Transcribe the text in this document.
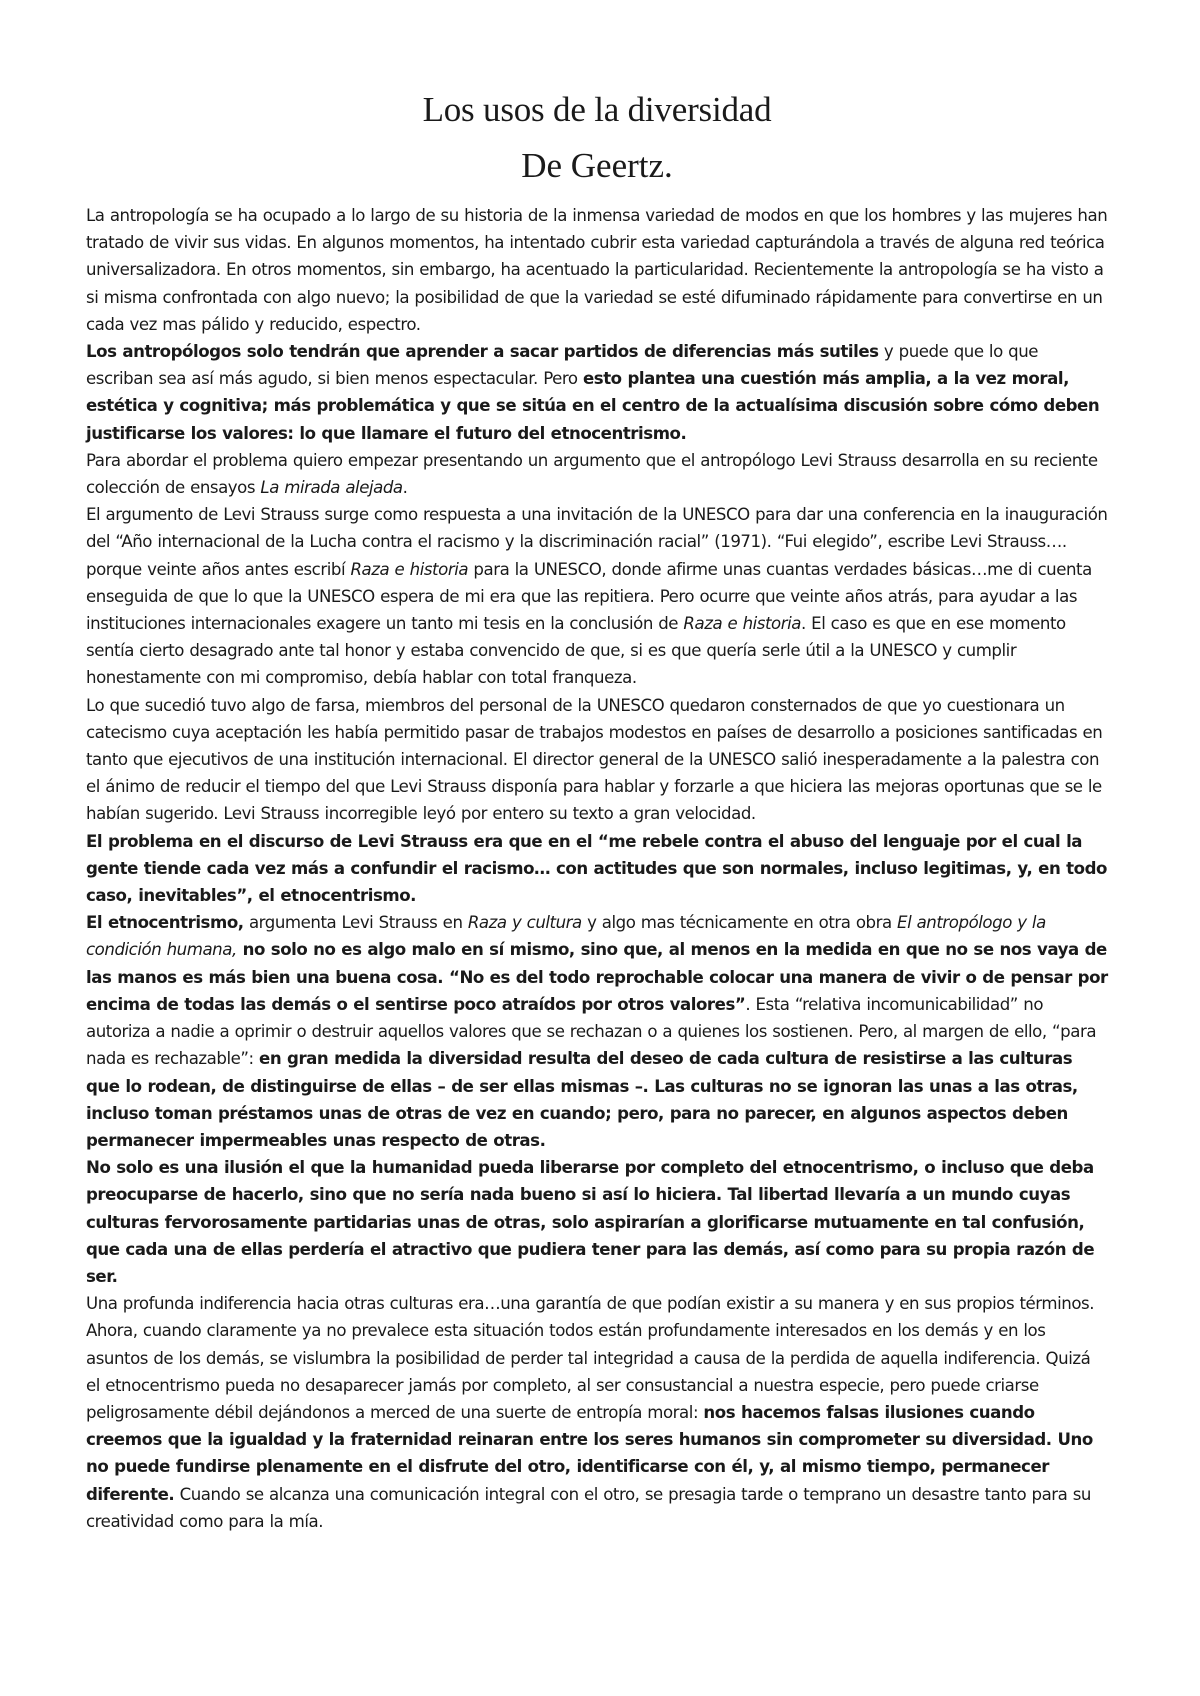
Los usos de la diversidad
De Geertz.

La antropología se ha ocupado a lo largo de su historia de la inmensa variedad de modos en que los hombres y las mujeres han tratado de vivir sus vidas. En algunos momentos, ha intentado cubrir esta variedad capturándola a través de alguna red teórica universalizadora. En otros momentos, sin embargo, ha acentuado la particularidad. Recientemente la antropología se ha visto a si misma confrontada con algo nuevo; la posibilidad de que la variedad se esté difuminado rápidamente para convertirse en un cada vez mas pálido y reducido, espectro.

Los antropólogos solo tendrán que aprender a sacar partidos de diferencias más sutiles y puede que lo que escriban sea así más agudo, si bien menos espectacular. Pero esto plantea una cuestión más amplia, a la vez moral, estética y cognitiva; más problemática y que se sitúa en el centro de la actualísima discusión sobre cómo deben justificarse los valores: lo que llamare el futuro del etnocentrismo.

Para abordar el problema quiero empezar presentando un argumento que el antropólogo Levi Strauss desarrolla en su reciente colección de ensayos La mirada alejada.

El argumento de Levi Strauss surge como respuesta a una invitación de la UNESCO para dar una conferencia en la inauguración del “Año internacional de la Lucha contra el racismo y la discriminación racial” (1971). “Fui elegido”, escribe Levi Strauss…. porque veinte años antes escribí Raza e historia para la UNESCO, donde afirme unas cuantas verdades básicas…me di cuenta enseguida de que lo que la UNESCO espera de mi era que las repitiera. Pero ocurre que veinte años atrás, para ayudar a las instituciones internacionales exagere un tanto mi tesis en la conclusión de Raza e historia. El caso es que en ese momento sentía cierto desagrado ante tal honor y estaba convencido de que, si es que quería serle útil a la UNESCO y cumplir honestamente con mi compromiso, debía hablar con total franqueza.

Lo que sucedió tuvo algo de farsa, miembros del personal de la UNESCO quedaron consternados de que yo cuestionara un catecismo cuya aceptación les había permitido pasar de trabajos modestos en países de desarrollo a posiciones santificadas en tanto que ejecutivos de una institución internacional. El director general de la UNESCO salió inesperadamente a la palestra con el ánimo de reducir el tiempo del que Levi Strauss disponía para hablar y forzarle a que hiciera las mejoras oportunas que se le habían sugerido. Levi Strauss incorregible leyó por entero su texto a gran velocidad.

El problema en el discurso de Levi Strauss era que en el “me rebele contra el abuso del lenguaje por el cual la gente tiende cada vez más a confundir el racismo… con actitudes que son normales, incluso legitimas, y, en todo caso, inevitables”, el etnocentrismo.

El etnocentrismo, argumenta Levi Strauss en Raza y cultura y algo mas técnicamente en otra obra El antropólogo y la condición humana, no solo no es algo malo en sí mismo, sino que, al menos en la medida en que no se nos vaya de las manos es más bien una buena cosa. “No es del todo reprochable colocar una manera de vivir o de pensar por encima de todas las demás o el sentirse poco atraídos por otros valores”. Esta “relativa incomunicabilidad” no autoriza a nadie a oprimir o destruir aquellos valores que se rechazan o a quienes los sostienen. Pero, al margen de ello, “para nada es rechazable”: en gran medida la diversidad resulta del deseo de cada cultura de resistirse a las culturas que lo rodean, de distinguirse de ellas – de ser ellas mismas –. Las culturas no se ignoran las unas a las otras, incluso toman préstamos unas de otras de vez en cuando; pero, para no parecer, en algunos aspectos deben permanecer impermeables unas respecto de otras.

No solo es una ilusión el que la humanidad pueda liberarse por completo del etnocentrismo, o incluso que deba preocuparse de hacerlo, sino que no sería nada bueno si así lo hiciera. Tal libertad llevaría a un mundo cuyas culturas fervorosamente partidarias unas de otras, solo aspirarían a glorificarse mutuamente en tal confusión, que cada una de ellas perdería el atractivo que pudiera tener para las demás, así como para su propia razón de ser.

Una profunda indiferencia hacia otras culturas era…una garantía de que podían existir a su manera y en sus propios términos. Ahora, cuando claramente ya no prevalece esta situación todos están profundamente interesados en los demás y en los asuntos de los demás, se vislumbra la posibilidad de perder tal integridad a causa de la perdida de aquella indiferencia. Quizá el etnocentrismo pueda no desaparecer jamás por completo, al ser consustancial a nuestra especie, pero puede criarse peligrosamente débil dejándonos a merced de una suerte de entropía moral: nos hacemos falsas ilusiones cuando creemos que la igualdad y la fraternidad reinaran entre los seres humanos sin comprometer su diversidad. Uno no puede fundirse plenamente en el disfrute del otro, identificarse con él, y, al mismo tiempo, permanecer diferente. Cuando se alcanza una comunicación integral con el otro, se presagia tarde o temprano un desastre tanto para su creatividad como para la mía.
